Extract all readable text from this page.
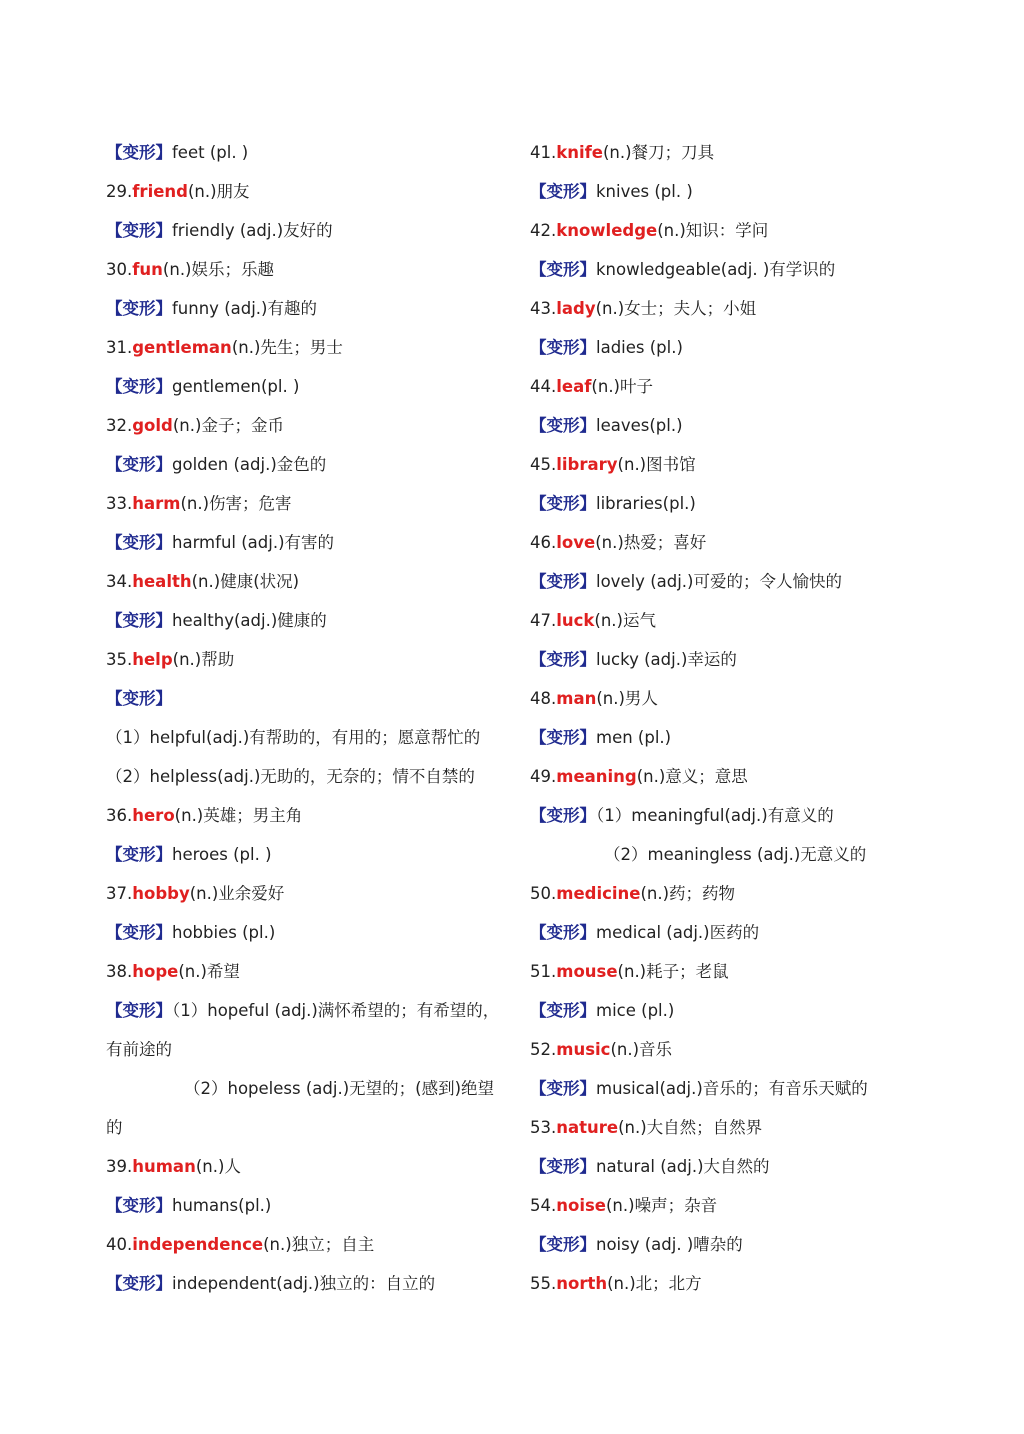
【变形】feet (pl. )
29.friend(n.)朋友
【变形】friendly (adj.)友好的
30.fun(n.)娱乐；乐趣
【变形】funny (adj.)有趣的
31.gentleman(n.)先生；男士
【变形】gentlemen(pl. )
32.gold(n.)金子；金币
【变形】golden (adj.)金色的
33.harm(n.)伤害；危害
【变形】harmful (adj.)有害的
34.health(n.)健康(状况)
【变形】healthy(adj.)健康的
35.help(n.)帮助
【变形】
（1）helpful(adj.)有帮助的，有用的；愿意帮忙的
（2）helpless(adj.)无助的，无奈的；情不自禁的
36.hero(n.)英雄；男主角
【变形】heroes (pl. )
37.hobby(n.)业余爱好
【变形】hobbies (pl.)
38.hope(n.)希望
【变形】（1）hopeful (adj.)满怀希望的；有希望的，
有前途的
（2）hopeless (adj.)无望的；(感到)绝望
的
39.human(n.)人
【变形】humans(pl.)
40.independence(n.)独立；自主
【变形】independent(adj.)独立的：自立的
41.knife(n.)餐刀；刀具
【变形】knives (pl. )
42.knowledge(n.)知识：学问
【变形】knowledgeable(adj. )有学识的
43.lady(n.)女士；夫人；小姐
【变形】ladies (pl.)
44.leaf(n.)叶子
【变形】leaves(pl.)
45.library(n.)图书馆
【变形】libraries(pl.)
46.love(n.)热爱；喜好
【变形】lovely (adj.)可爱的；令人愉快的
47.luck(n.)运气
【变形】lucky (adj.)幸运的
48.man(n.)男人
【变形】men (pl.)
49.meaning(n.)意义；意思
【变形】（1）meaningful(adj.)有意义的
（2）meaningless (adj.)无意义的
50.medicine(n.)药；药物
【变形】medical (adj.)医药的
51.mouse(n.)耗子；老鼠
【变形】mice (pl.)
52.music(n.)音乐
【变形】musical(adj.)音乐的；有音乐天赋的
53.nature(n.)大自然；自然界
【变形】natural (adj.)大自然的
54.noise(n.)噪声；杂音
【变形】noisy (adj. )嘈杂的
55.north(n.)北；北方
